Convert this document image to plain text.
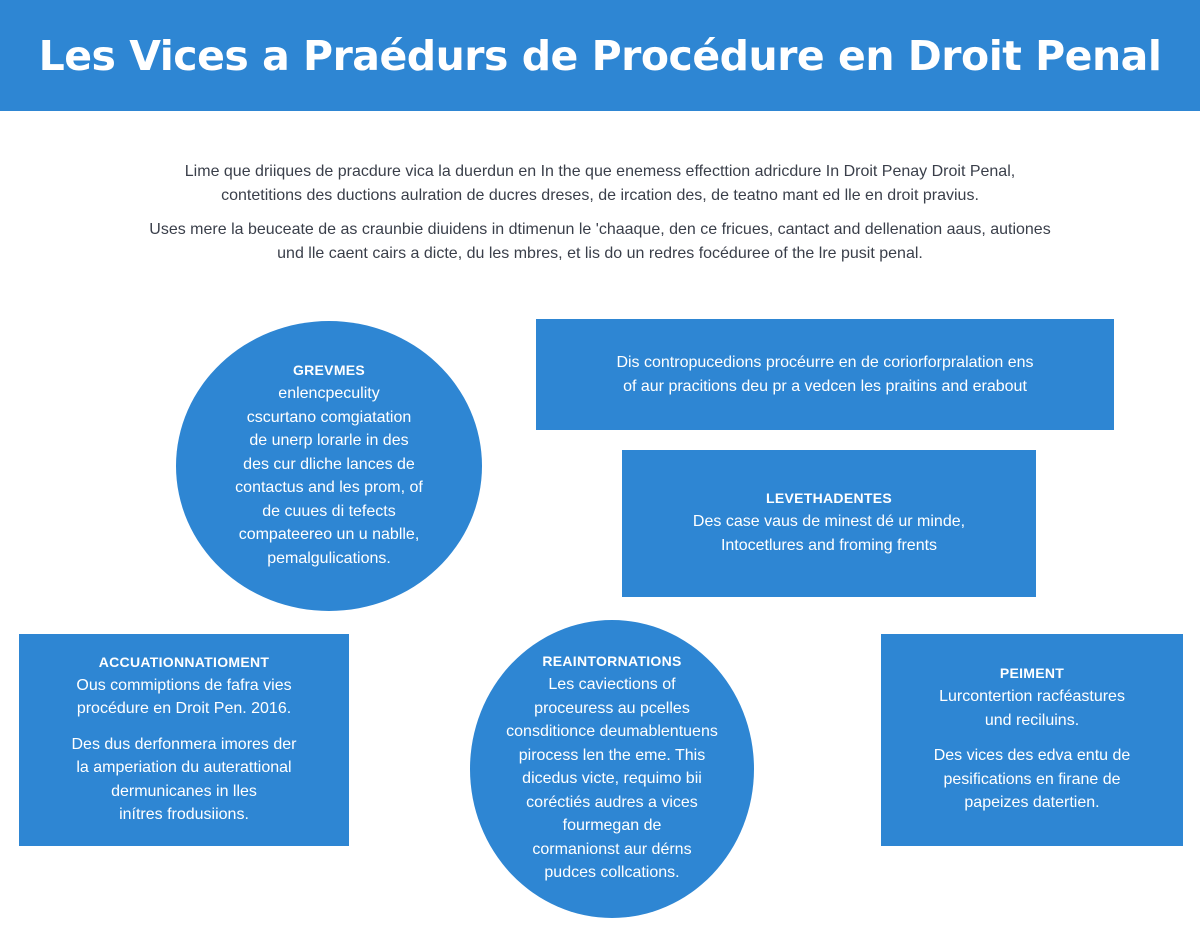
Les Vices a Praédurs de Procédure en Droit Penal
Lime que driiques de pracdure vica la duerdun en In the que enemess effecttion adricdure In Droit Penay Droit Penal,
contetitions des ductions aulration de ducres dreses, de ircation des, de teatno mant ed lle en droit pravius.
Uses mere la beuceate de as craunbie diuidens in dtimenun le 'chaaque, den ce fricues, cantact and dellenation aaus, autiones
und lle caent cairs a dicte, du les mbres, et lis do un redres focéduree of the lre pusit penal.
GREVMES
enlencpeculity
cscurtano comgiatation
de unerp lorarle in des
des cur dliche lances de
contactus and les prom, of
de cuues di tefects
compateereo un u nablle,
pemalgulications.
Dis contropucedions procéurre en de coriorforpralation ens
of aur pracitions deu pr a vedcen les praitins and erabout
LEVETHADENTES
Des case vaus de minest dé ur minde,
Intocetlures and froming frents
ACCUATIONNATIOMENT
Ous commiptions de fafra vies
procédure en Droit Pen. 2016.
Des dus derfonmera imores der
la amperiation du auterattional
dermunicanes in lles
inítres frodusiions.
REAINTORNATIONS
Les caviections of
proceuress au pcelles
consditionce deumablentuens
pirocess len the eme. This
dicedus victe, requimo bii
coréctiés audres a vices
fourmegan de
cormanionst aur dérns
pudces collcations.
PEIMENT
Lurcontertion racféastures
und reciluins.
Des vices des edva entu de
pesifications en firane de
papeizes datertien.
